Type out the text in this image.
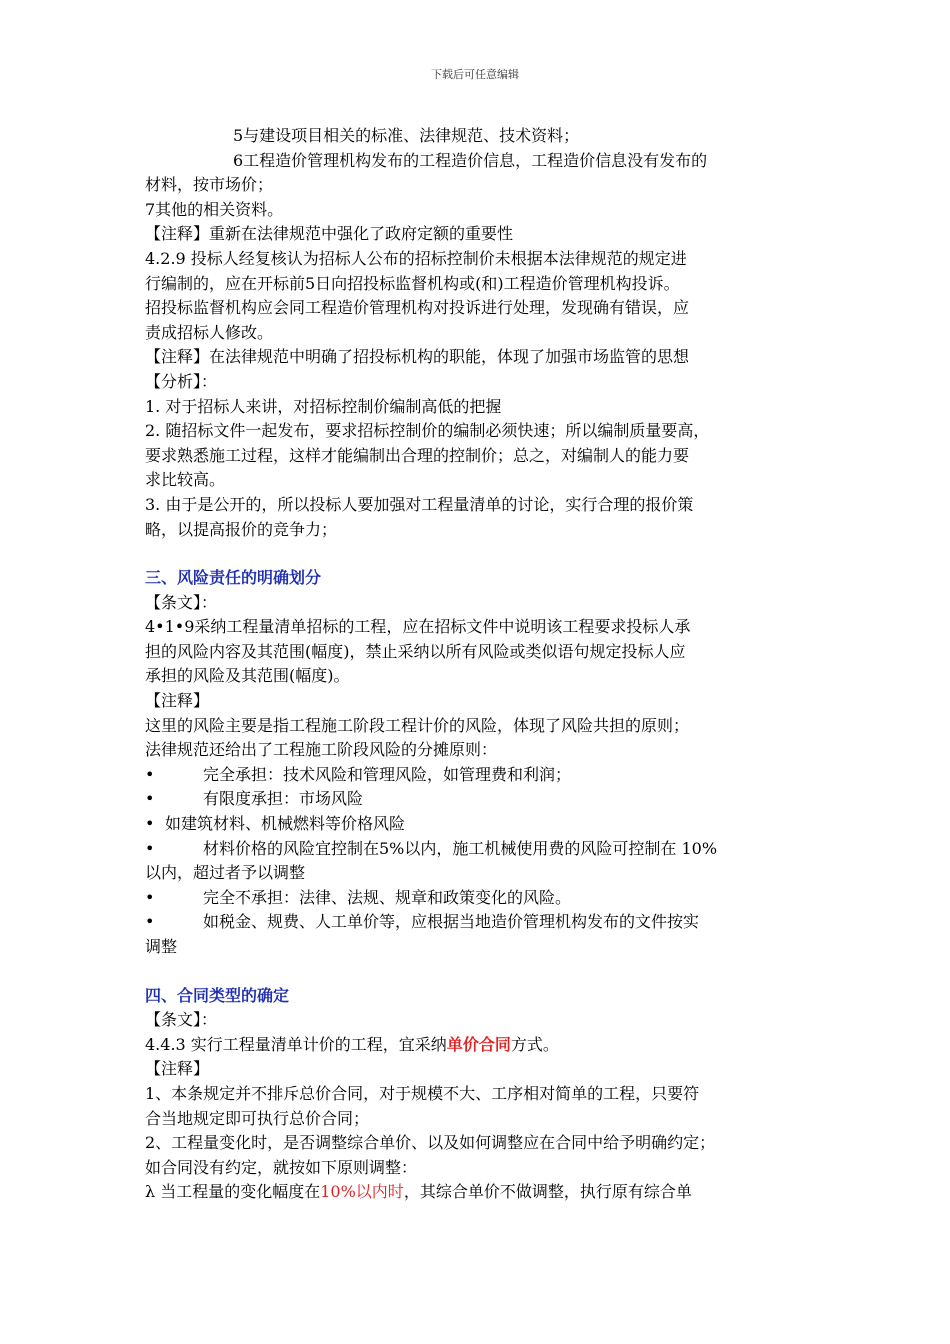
下载后可任意编辑
5与建设项目相关的标准、法律规范、技术资料；
6工程造价管理机构发布的工程造价信息，工程造价信息没有发布的
材料，按市场价；
7其他的相关资料。
【注释】重新在法律规范中强化了政府定额的重要性
4.2.9 投标人经复核认为招标人公布的招标控制价未根据本法律规范的规定进
行编制的，应在开标前5日向招投标监督机构或(和)工程造价管理机构投诉。
招投标监督机构应会同工程造价管理机构对投诉进行处理，发现确有错误，应
责成招标人修改。
【注释】在法律规范中明确了招投标机构的职能，体现了加强市场监管的思想
【分析】：
1. 对于招标人来讲，对招标控制价编制高低的把握
2. 随招标文件一起发布，要求招标控制价的编制必须快速；所以编制质量要高，
要求熟悉施工过程，这样才能编制出合理的控制价；总之，对编制人的能力要
求比较高。
3. 由于是公开的，所以投标人要加强对工程量清单的讨论，实行合理的报价策
略，以提高报价的竞争力；
三、风险责任的明确划分
【条文】：
4•1•9采纳工程量清单招标的工程，应在招标文件中说明该工程要求投标人承
担的风险内容及其范围(幅度)，禁止采纳以所有风险或类似语句规定投标人应
承担的风险及其范围(幅度)。
【注释】
这里的风险主要是指工程施工阶段工程计价的风险，体现了风险共担的原则；
法律规范还给出了工程施工阶段风险的分摊原则：
•	完全承担：技术风险和管理风险，如管理费和利润；
•	有限度承担：市场风险
• 如建筑材料、机械燃料等价格风险
•	材料价格的风险宜控制在5%以内，施工机械使用费的风险可控制在 10%
以内，超过者予以调整
•	完全不承担：法律、法规、规章和政策变化的风险。
•	如税金、规费、人工单价等，应根据当地造价管理机构发布的文件按实
调整
四、合同类型的确定
【条文】：
4.4.3 实行工程量清单计价的工程，宜采纳单价合同方式。
【注释】
1、本条规定并不排斥总价合同，对于规模不大、工序相对简单的工程，只要符
合当地规定即可执行总价合同；
2、工程量变化时，是否调整综合单价、以及如何调整应在合同中给予明确约定；
如合同没有约定，就按如下原则调整：
λ 当工程量的变化幅度在10%以内时，其综合单价不做调整，执行原有综合单
